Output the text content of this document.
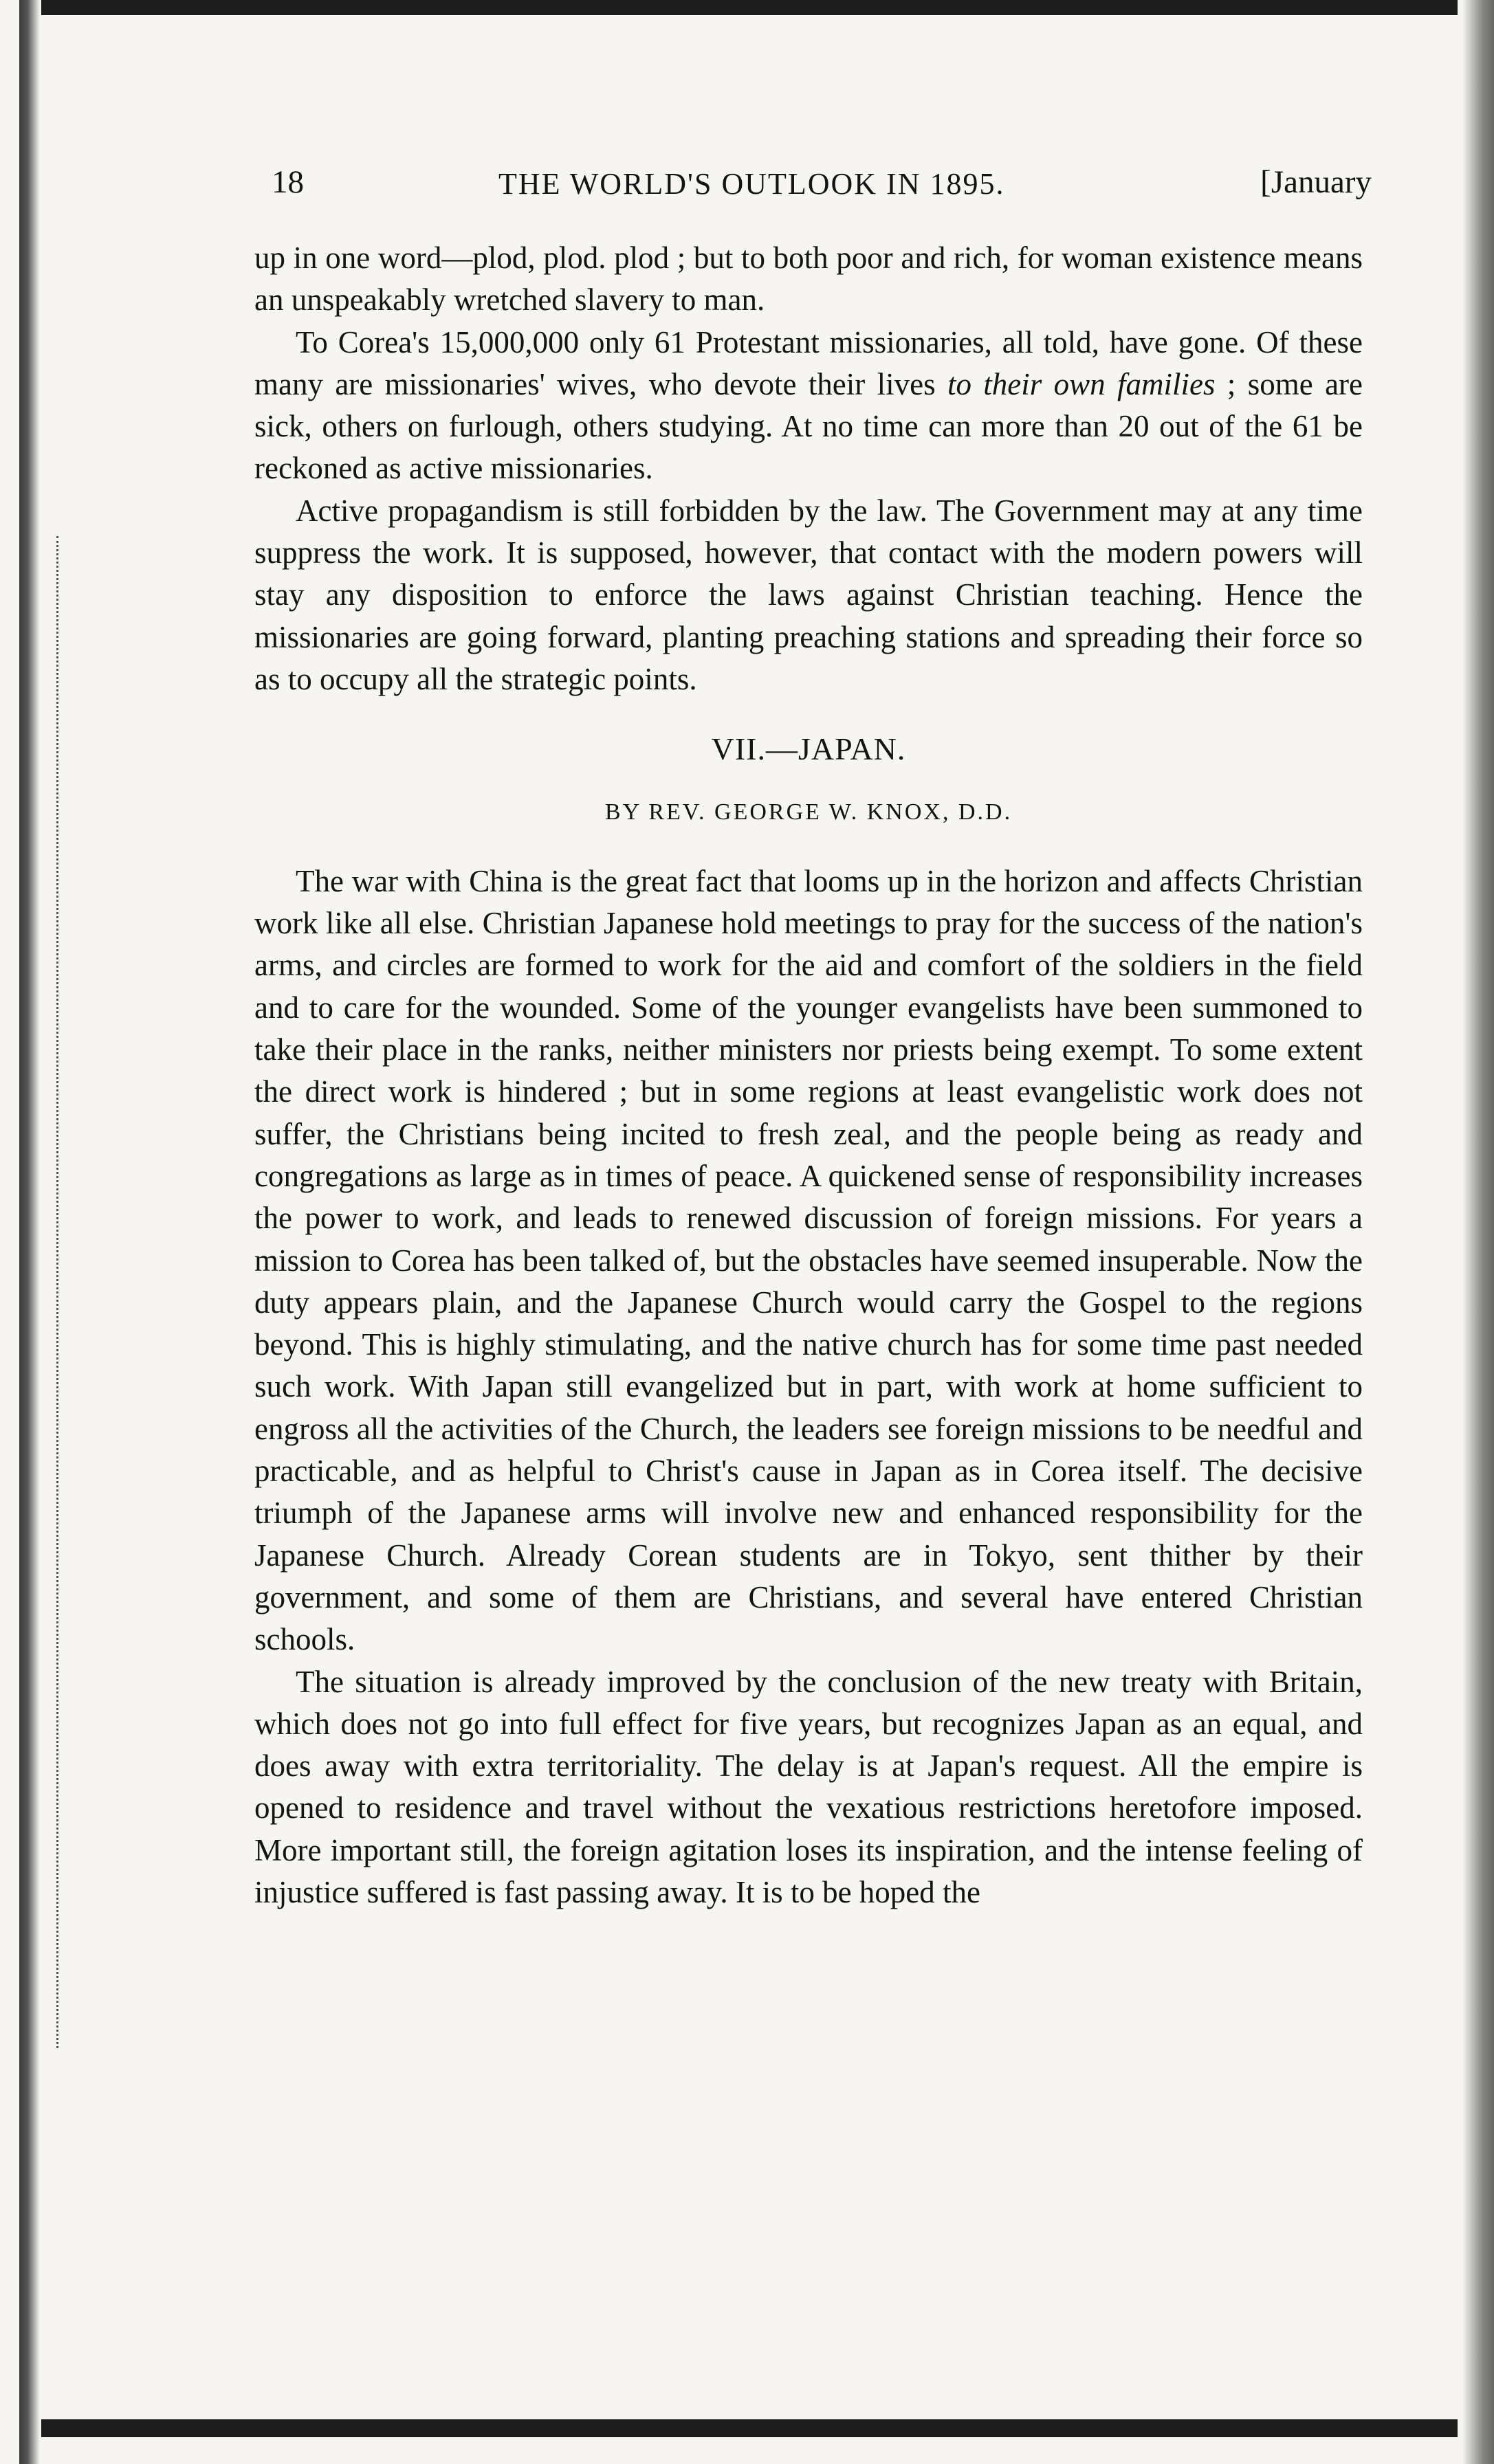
18	THE WORLD'S OUTLOOK IN 1895.	[January

up in one word—plod, plod. plod ; but to both poor and rich, for woman existence means an unspeakably wretched slavery to man.

To Corea's 15,000,000 only 61 Protestant missionaries, all told, have gone. Of these many are missionaries' wives, who devote their lives to their own families ; some are sick, others on furlough, others studying. At no time can more than 20 out of the 61 be reckoned as active missionaries.

Active propagandism is still forbidden by the law. The Government may at any time suppress the work. It is supposed, however, that contact with the modern powers will stay any disposition to enforce the laws against Christian teaching. Hence the missionaries are going forward, planting preaching stations and spreading their force so as to occupy all the strategic points.

VII.—JAPAN.
BY REV. GEORGE W. KNOX, D.D.

The war with China is the great fact that looms up in the horizon and affects Christian work like all else. Christian Japanese hold meetings to pray for the success of the nation's arms, and circles are formed to work for the aid and comfort of the soldiers in the field and to care for the wounded. Some of the younger evangelists have been summoned to take their place in the ranks, neither ministers nor priests being exempt. To some extent the direct work is hindered ; but in some regions at least evangelistic work does not suffer, the Christians being incited to fresh zeal, and the people being as ready and congregations as large as in times of peace. A quickened sense of responsibility increases the power to work, and leads to renewed discussion of foreign missions. For years a mission to Corea has been talked of, but the obstacles have seemed insuperable. Now the duty appears plain, and the Japanese Church would carry the Gospel to the regions beyond. This is highly stimulating, and the native church has for some time past needed such work. With Japan still evangelized but in part, with work at home sufficient to engross all the activities of the Church, the leaders see foreign missions to be needful and practicable, and as helpful to Christ's cause in Japan as in Corea itself. The decisive triumph of the Japanese arms will involve new and enhanced responsibility for the Japanese Church. Already Corean students are in Tokyo, sent thither by their government, and some of them are Christians, and several have entered Christian schools.

The situation is already improved by the conclusion of the new treaty with Britain, which does not go into full effect for five years, but recognizes Japan as an equal, and does away with extra territoriality. The delay is at Japan's request. All the empire is opened to residence and travel without the vexatious restrictions heretofore imposed. More important still, the foreign agitation loses its inspiration, and the intense feeling of injustice suffered is fast passing away. It is to be hoped the
